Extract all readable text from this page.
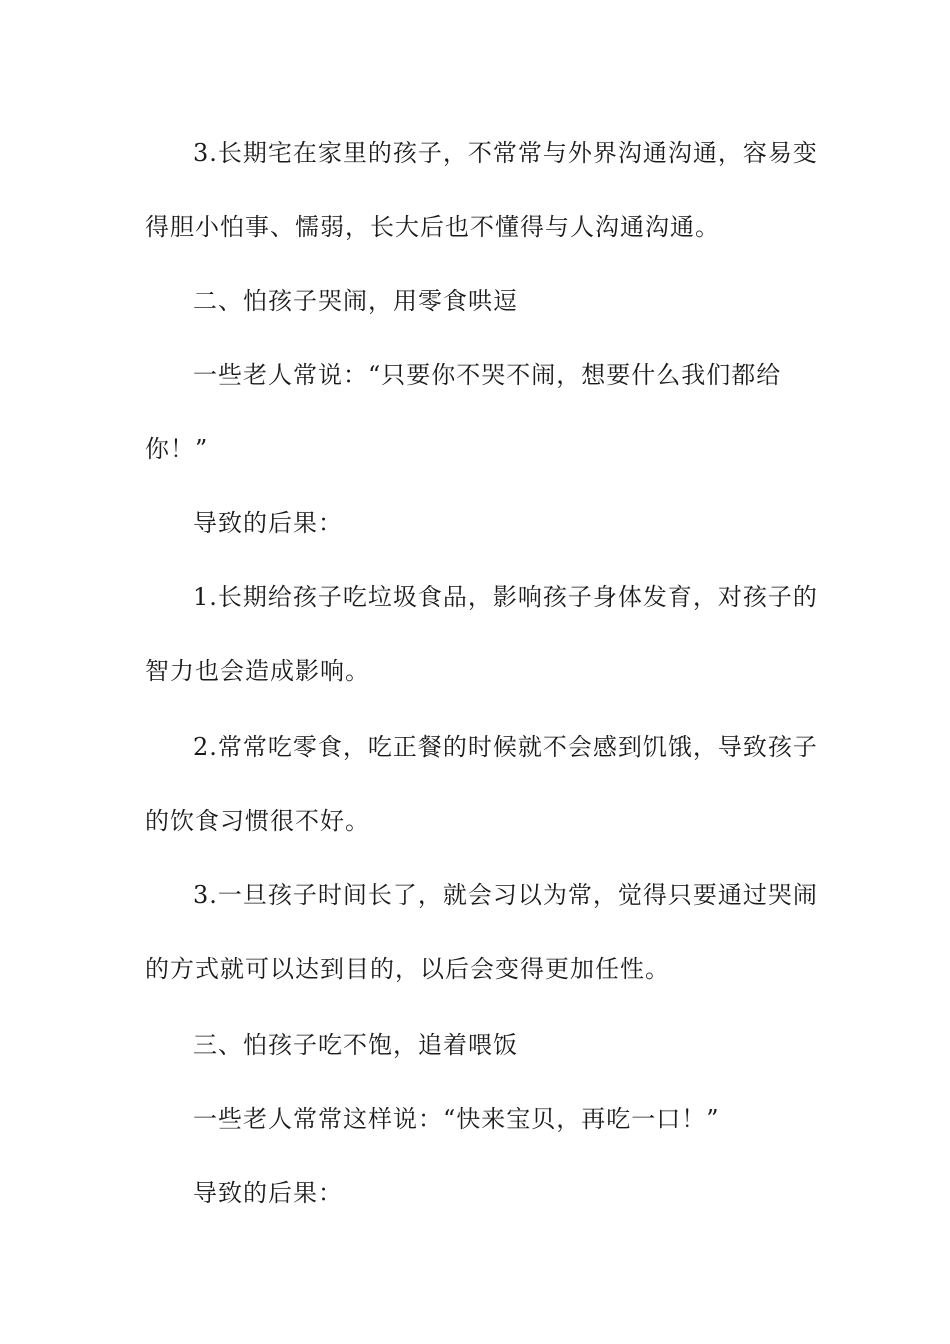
3.长期宅在家里的孩子，不常常与外界沟通沟通，容易变
得胆小怕事、懦弱，长大后也不懂得与人沟通沟通。
二、怕孩子哭闹，用零食哄逗
一些老人常说：“只要你不哭不闹，想要什么我们都给
你！”
导致的后果：
1.长期给孩子吃垃圾食品，影响孩子身体发育，对孩子的
智力也会造成影响。
2.常常吃零食，吃正餐的时候就不会感到饥饿，导致孩子
的饮食习惯很不好。
3.一旦孩子时间长了，就会习以为常，觉得只要通过哭闹
的方式就可以达到目的，以后会变得更加任性。
三、怕孩子吃不饱，追着喂饭
一些老人常常这样说：“快来宝贝，再吃一口！”
导致的后果：
